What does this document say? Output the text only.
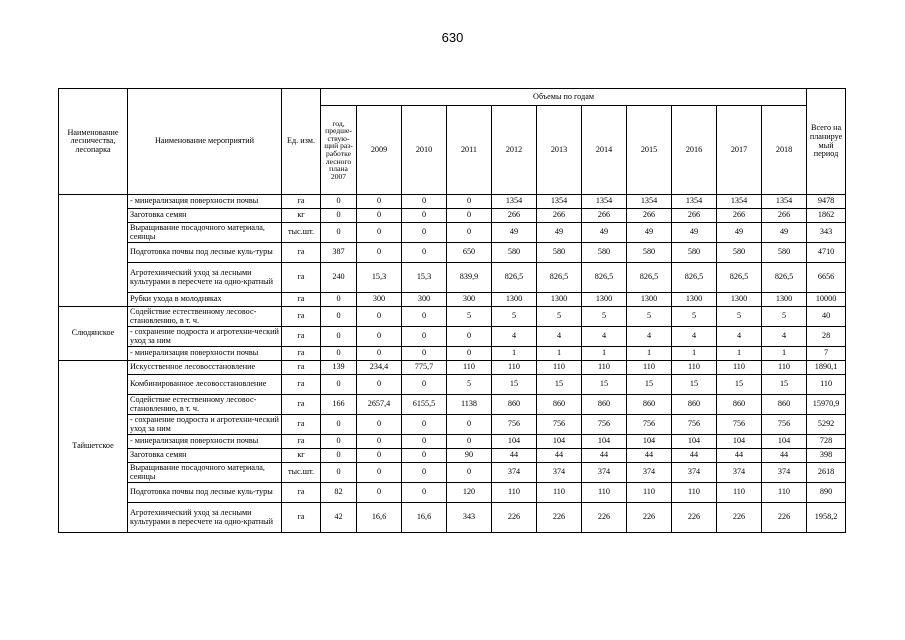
630
Наименование лесничества, лесопарка	Наименование мероприятий	Ед. изм.	Объемы по годам											Всего на планируе мый период
			год, предше-ствую-щий раз-работке лесного плана 2007	2009	2010	2011	2012	2013	2014	2015	2016	2017	2018	
	- минерализация поверхности почвы	га	0	0	0	0	1354	1354	1354	1354	1354	1354	1354	9478
	Заготовка семян	кг	0	0	0	0	266	266	266	266	266	266	266	1862
	Выращивание посадочного материала, сеянцы	тыс.шт.	0	0	0	0	49	49	49	49	49	49	49	343
	Подготовка почвы под лесные куль-туры	га	387	0	0	650	580	580	580	580	580	580	580	4710
	Агротехнический уход за лесными культурами в пересчете на одно-кратный	га	240	15,3	15,3	839,9	826,5	826,5	826,5	826,5	826,5	826,5	826,5	6656
	Рубки ухода в молодняках	га	0	300	300	300	1300	1300	1300	1300	1300	1300	1300	10000
Слюдянское	Содействие естественному лесовос-становлению, в т. ч.	га	0	0	0	5	5	5	5	5	5	5	5	40
	- сохранение подроста и агротехни-ческий уход за ним	га	0	0	0	0	4	4	4	4	4	4	4	28
	- минерализация поверхности почвы	га	0	0	0	0	1	1	1	1	1	1	1	7
Тайшетское	Искусственное лесовосстановление	га	139	234,4	775,7	110	110	110	110	110	110	110	110	1890,1
	Комбинированное лесовосстановление	га	0	0	0	5	15	15	15	15	15	15	15	110
	Содействие естественному лесовос-становлению, в т. ч.	га	166	2657,4	6155,5	1138	860	860	860	860	860	860	860	15970,9
	- сохранение подроста и агротехни-ческий уход за ним	га	0	0	0	0	756	756	756	756	756	756	756	5292
	- минерализация поверхности почвы	га	0	0	0	0	104	104	104	104	104	104	104	728
	Заготовка семян	кг	0	0	0	90	44	44	44	44	44	44	44	398
	Выращивание посадочного материала, сеянцы	тыс.шт.	0	0	0	0	374	374	374	374	374	374	374	2618
	Подготовка почвы под лесные куль-туры	га	82	0	0	120	110	110	110	110	110	110	110	890
	Агротехнический уход за лесными культурами в пересчете на одно-кратный	га	42	16,6	16,6	343	226	226	226	226	226	226	226	1958,2
